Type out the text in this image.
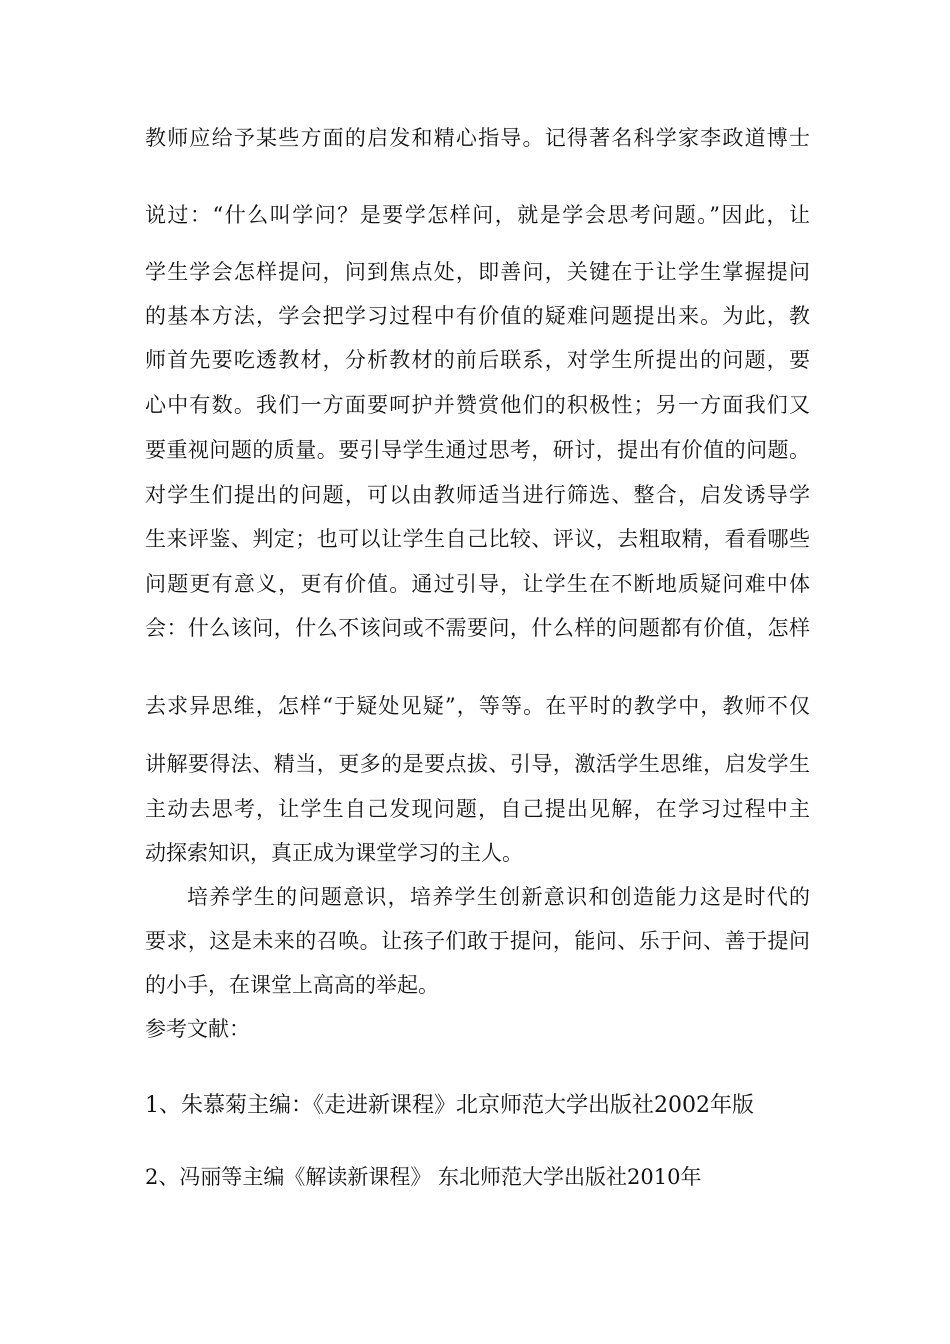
教师应给予某些方面的启发和精心指导。记得著名科学家李政道博士
说过：“什么叫学问？是要学怎样问，就是学会思考问题。”因此，让
学生学会怎样提问，问到焦点处，即善问，关键在于让学生掌握提问
的基本方法，学会把学习过程中有价值的疑难问题提出来。为此，教
师首先要吃透教材，分析教材的前后联系，对学生所提出的问题，要
心中有数。我们一方面要呵护并赞赏他们的积极性；另一方面我们又
要重视问题的质量。要引导学生通过思考，研讨，提出有价值的问题。
对学生们提出的问题，可以由教师适当进行筛选、整合，启发诱导学
生来评鉴、判定；也可以让学生自己比较、评议，去粗取精，看看哪些
问题更有意义，更有价值。通过引导，让学生在不断地质疑问难中体
会：什么该问，什么不该问或不需要问，什么样的问题都有价值，怎样
去求异思维，怎样“于疑处见疑”，等等。在平时的教学中，教师不仅
讲解要得法、精当，更多的是要点拔、引导，激活学生思维，启发学生
主动去思考，让学生自己发现问题，自己提出见解，在学习过程中主
动探索知识，真正成为课堂学习的主人。
培养学生的问题意识，培养学生创新意识和创造能力这是时代的
要求，这是未来的召唤。让孩子们敢于提问，能问、乐于问、善于提问
的小手，在课堂上高高的举起。
参考文献：
1、朱慕菊主编：《走进新课程》北京师范大学出版社2002年版
2、冯丽等主编《解读新课程》 东北师范大学出版社2010年
